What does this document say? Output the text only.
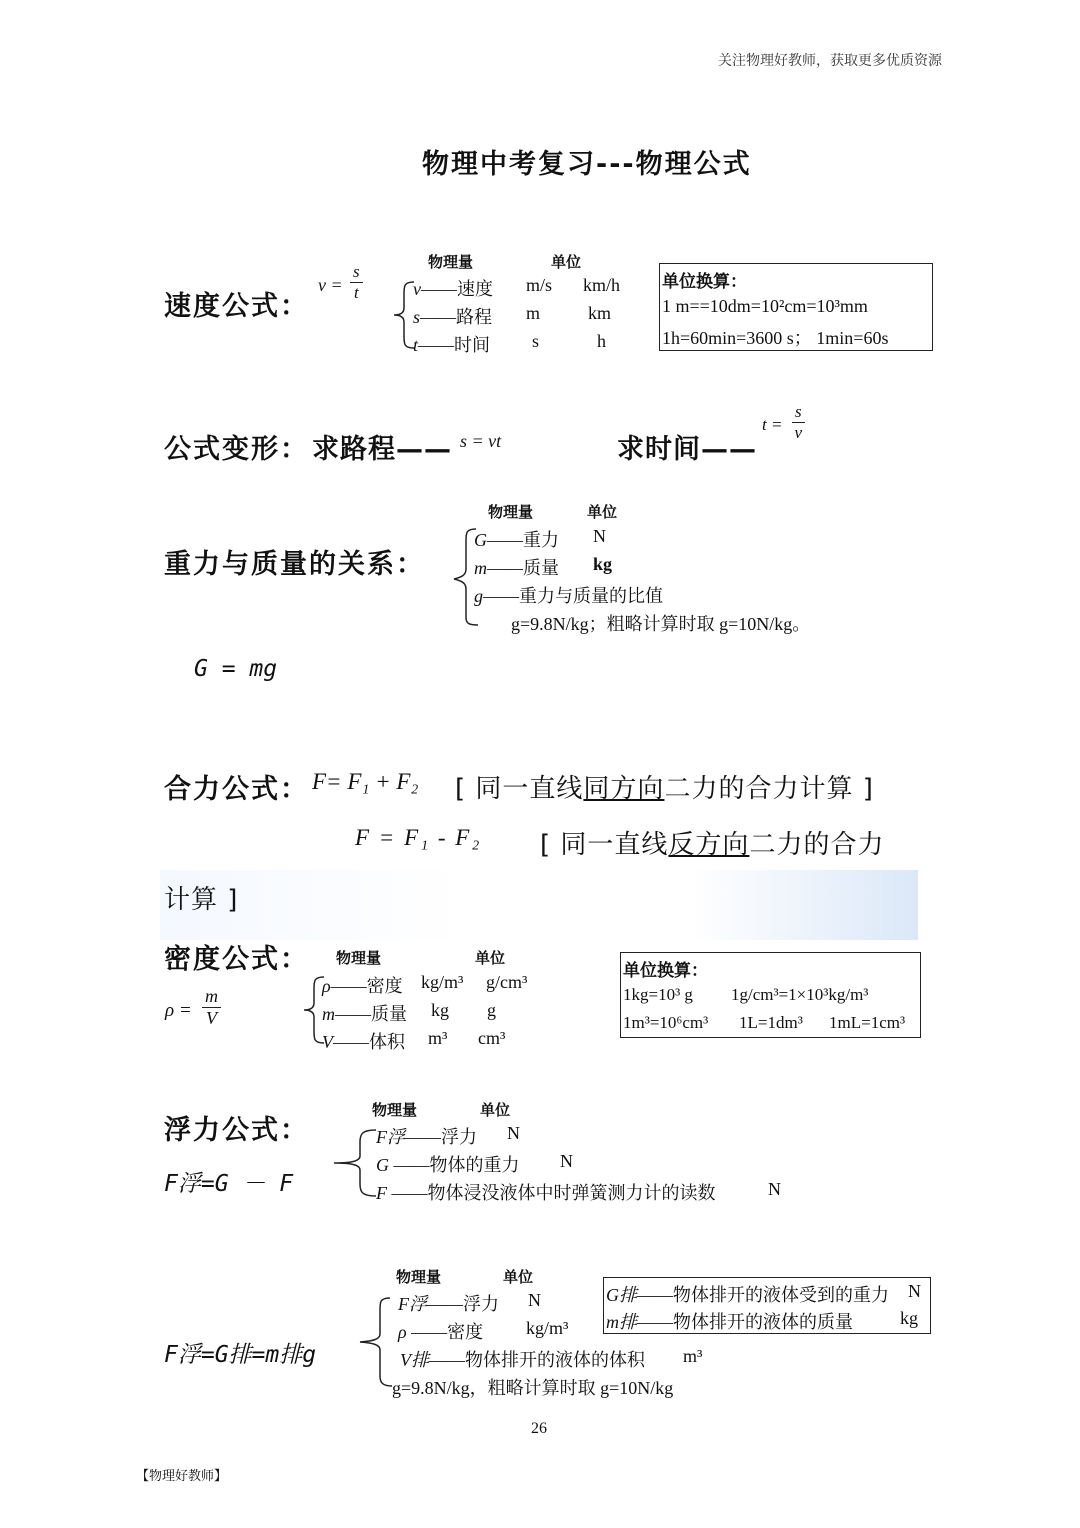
关注物理好教师，获取更多优质资源
物理中考复习---物理公式
速度公式：
$v = \frac{s}{t}$	物理量	单位
v——速度 m/s km/h
s——路程 m	km
t——时间 s	h
单位换算：
1 m==10dm=10²cm=10³mm
1h=60min=3600 s； 1min=60s
公式变形： 求路程—— s = vt	求时间——
$t = \frac{s}{v}$
重力与质量的关系：
物理量	单位
G——重力 N
m——质量 kg
g——重力与质量的比值
g=9.8N/kg；粗略计算时取 g=10N/kg。
G = mg
合力公式： F= F₁ + F₂ [ 同一直线同方向二力的合力计算 ]
F = F₁ - F₂ [ 同一直线反方向二力的合力
计算 ]
密度公式：
$\rho = \frac{m}{V}$
物理量	单位
ρ——密度 kg/m³ g/cm³
m——质量 kg g
V——体积 m³ cm³
单位换算：
1kg=10³ g 1g/cm³=1×10³kg/m³
1m³=10⁶cm³ 1L=1dm³ 1mL=1cm³
浮力公式：
F浮=G － F
物理量	单位
F浮——浮力 N
G ——物体的重力 N
F ——物体浸没液体中时弹簧测力计的读数	N
物理量	单位
F浮=G排=m排g
F浮——浮力 N
ρ ——密度 kg/m³
V排——物体排开的液体的体积 m³
g=9.8N/kg，粗略计算时取 g=10N/kg
G排——物体排开的液体受到的重力 N
m排——物体排开的液体的质量	kg
26
【物理好教师】
